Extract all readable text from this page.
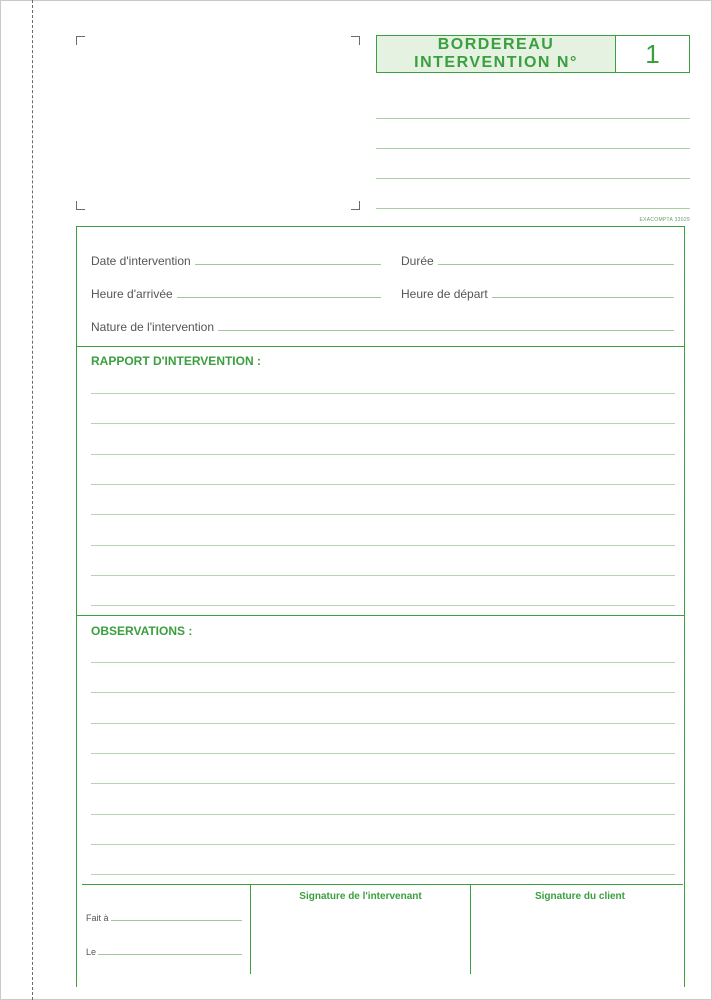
BORDEREAU
INTERVENTION N°	1
EXACOMPTA 33029
Date d'intervention	Durée
Heure d'arrivée	Heure de départ
Nature de l'intervention
RAPPORT D'INTERVENTION :
OBSERVATIONS :
Signature de l'intervenant	Signature du client
Fait à
Le
